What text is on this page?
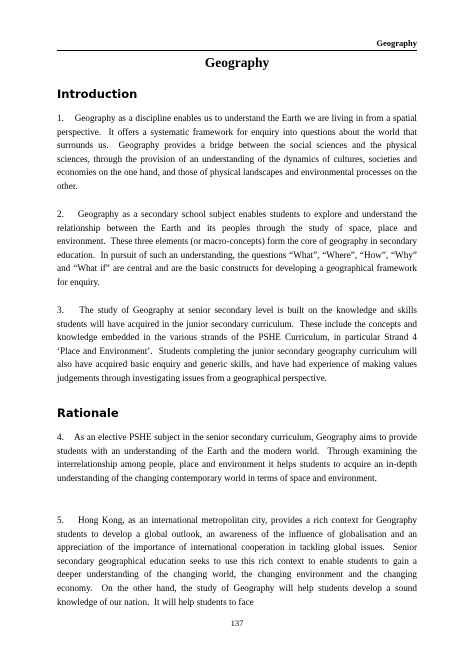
Geography
Geography
Introduction

1.    Geography as a discipline enables us to understand the Earth we are living in from a spatial perspective.  It offers a systematic framework for enquiry into questions about the world that surrounds us.  Geography provides a bridge between the social sciences and the physical sciences, through the provision of an understanding of the dynamics of cultures, societies and economies on the one hand, and those of physical landscapes and environmental processes on the other.

2.    Geography as a secondary school subject enables students to explore and understand the relationship between the Earth and its peoples through the study of space, place and environment.  These three elements (or macro-concepts) form the core of geography in secondary education.  In pursuit of such an understanding, the questions “What”, “Where”, “How”, “Why” and “What if” are central and are the basic constructs for developing a geographical framework for enquiry.

3.    The study of Geography at senior secondary level is built on the knowledge and skills students will have acquired in the junior secondary curriculum.  These include the concepts and knowledge embedded in the various strands of the PSHE Curriculum, in particular Strand 4 ‘Place and Environment’.  Students completing the junior secondary geography curriculum will also have acquired basic enquiry and generic skills, and have had experience of making values judgements through investigating issues from a geographical perspective.

Rationale

4.    As an elective PSHE subject in the senior secondary curriculum, Geography aims to provide students with an understanding of the Earth and the modern world.  Through examining the interrelationship among people, place and environment it helps students to acquire an in-depth understanding of the changing contemporary world in terms of space and environment.

5.    Hong Kong, as an international metropolitan city, provides a rich context for Geography students to develop a global outlook, an awareness of the influence of globalisation and an appreciation of the importance of international cooperation in tackling global issues.  Senior secondary geographical education seeks to use this rich context to enable students to gain a deeper understanding of the changing world, the changing environment and the changing economy.  On the other hand, the study of Geography will help students develop a sound knowledge of our nation.  It will help students to face

137
